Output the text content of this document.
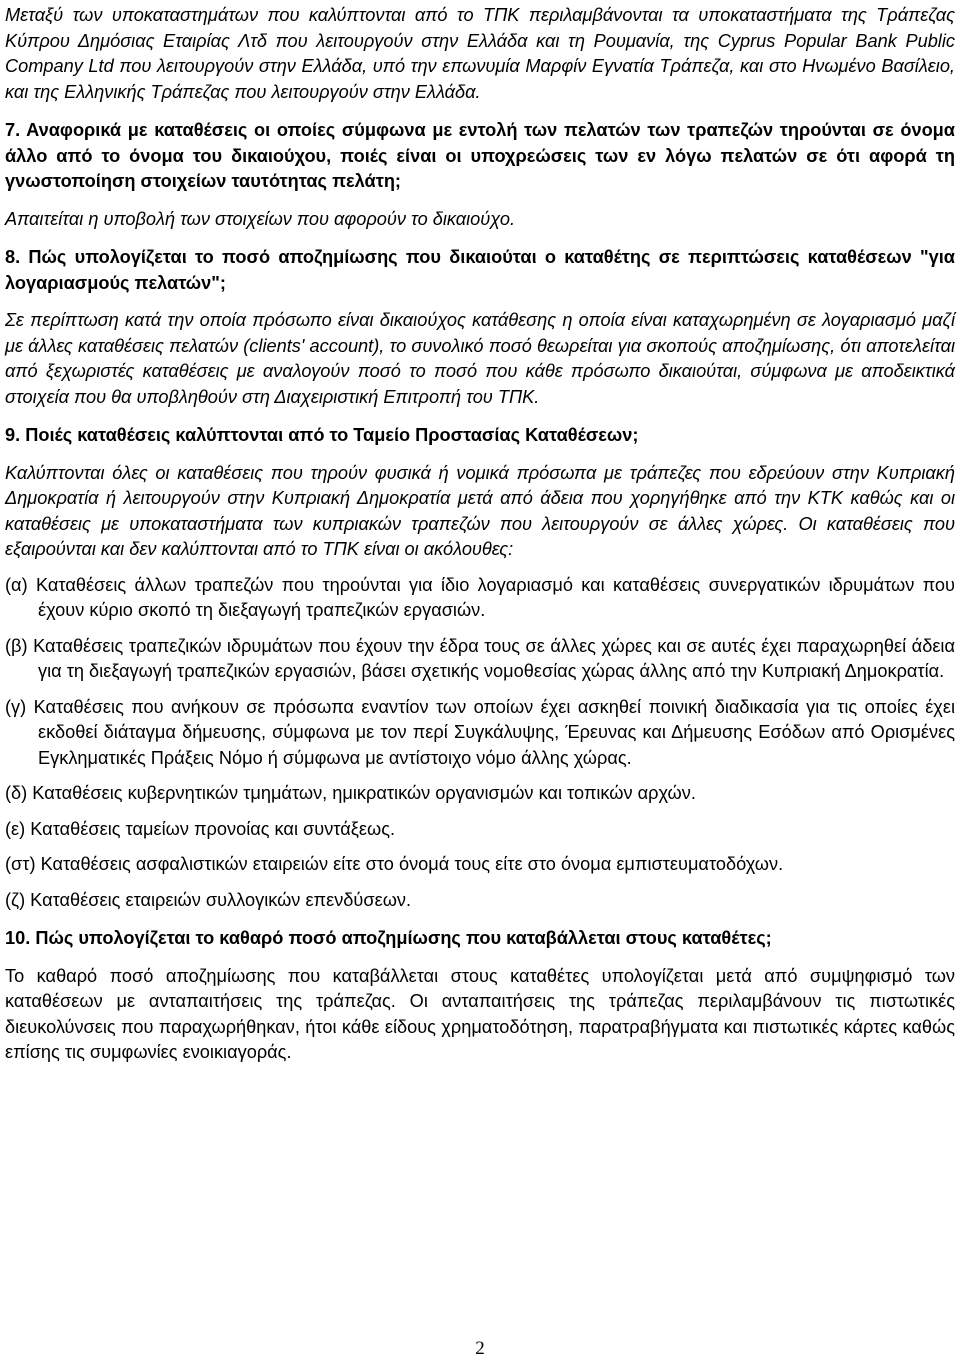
Μεταξύ των υποκαταστημάτων που καλύπτονται από το ΤΠΚ περιλαμβάνονται τα υποκαταστήματα της Τράπεζας Κύπρου Δημόσιας Εταιρίας Λτδ που λειτουργούν στην Ελλάδα και τη Ρουμανία, της Cyprus Popular Bank Public Company Ltd που λειτουργούν στην Ελλάδα, υπό την επωνυμία Μαρφίν Εγνατία Τράπεζα, και στο Ηνωμένο Βασίλειο, και της Ελληνικής Τράπεζας που λειτουργούν στην Ελλάδα.

7. Αναφορικά με καταθέσεις οι οποίες σύμφωνα με εντολή των πελατών των τραπεζών τηρούνται σε όνομα άλλο από το όνομα του δικαιούχου, ποιές είναι οι υποχρεώσεις των εν λόγω πελατών σε ότι αφορά τη γνωστοποίηση στοιχείων ταυτότητας πελάτη;

Απαιτείται η υποβολή των στοιχείων που αφορούν το δικαιούχο.

8. Πώς υπολογίζεται το ποσό αποζημίωσης που δικαιούται ο καταθέτης σε περιπτώσεις καταθέσεων "για λογαριασμούς πελατών";

Σε περίπτωση κατά την οποία πρόσωπο είναι δικαιούχος κατάθεσης η οποία είναι καταχωρημένη σε λογαριασμό μαζί με άλλες καταθέσεις πελατών (clients' account), το συνολικό ποσό θεωρείται για σκοπούς αποζημίωσης, ότι αποτελείται από ξεχωριστές καταθέσεις με αναλογούν ποσό το ποσό που κάθε πρόσωπο δικαιούται, σύμφωνα με αποδεικτικά στοιχεία που θα υποβληθούν στη Διαχειριστική Επιτροπή του ΤΠΚ.

9. Ποιές καταθέσεις καλύπτονται από το Ταμείο Προστασίας Καταθέσεων;

Καλύπτονται όλες οι καταθέσεις που τηρούν φυσικά ή νομικά πρόσωπα με τράπεζες που εδρεύουν στην Κυπριακή Δημοκρατία ή λειτουργούν στην Κυπριακή Δημοκρατία μετά από άδεια που χορηγήθηκε από την ΚΤΚ καθώς και οι καταθέσεις με υποκαταστήματα των κυπριακών τραπεζών που λειτουργούν σε άλλες χώρες. Οι καταθέσεις που εξαιρούνται και δεν καλύπτονται από το ΤΠΚ είναι οι ακόλουθες:

(α) Καταθέσεις άλλων τραπεζών που τηρούνται για ίδιο λογαριασμό και καταθέσεις συνεργατικών ιδρυμάτων που έχουν κύριο σκοπό τη διεξαγωγή τραπεζικών εργασιών.

(β) Καταθέσεις τραπεζικών ιδρυμάτων που έχουν την έδρα τους σε άλλες χώρες και σε αυτές έχει παραχωρηθεί άδεια για τη διεξαγωγή τραπεζικών εργασιών, βάσει σχετικής νομοθεσίας χώρας άλλης από την Κυπριακή Δημοκρατία.

(γ) Καταθέσεις που ανήκουν σε πρόσωπα εναντίον των οποίων έχει ασκηθεί ποινική διαδικασία για τις οποίες έχει εκδοθεί διάταγμα δήμευσης, σύμφωνα με τον περί Συγκάλυψης, Έρευνας και Δήμευσης Εσόδων από Ορισμένες Εγκληματικές Πράξεις Νόμο ή σύμφωνα με αντίστοιχο νόμο άλλης χώρας.

(δ) Καταθέσεις κυβερνητικών τμημάτων, ημικρατικών οργανισμών και τοπικών αρχών.

(ε) Καταθέσεις ταμείων προνοίας και συντάξεως.

(στ) Καταθέσεις ασφαλιστικών εταιρειών είτε στο όνομά τους είτε στο όνομα εμπιστευματοδόχων.

(ζ) Καταθέσεις εταιρειών συλλογικών επενδύσεων.

10. Πώς υπολογίζεται το καθαρό ποσό αποζημίωσης που καταβάλλεται στους καταθέτες;

Το καθαρό ποσό αποζημίωσης που καταβάλλεται στους καταθέτες υπολογίζεται μετά από συμψηφισμό των καταθέσεων με ανταπαιτήσεις της τράπεζας. Οι ανταπαιτήσεις της τράπεζας περιλαμβάνουν τις πιστωτικές διευκολύνσεις που παραχωρήθηκαν, ήτοι κάθε είδους χρηματοδότηση, παρατραβήγματα και πιστωτικές κάρτες καθώς επίσης τις συμφωνίες ενοικιαγοράς.

2
